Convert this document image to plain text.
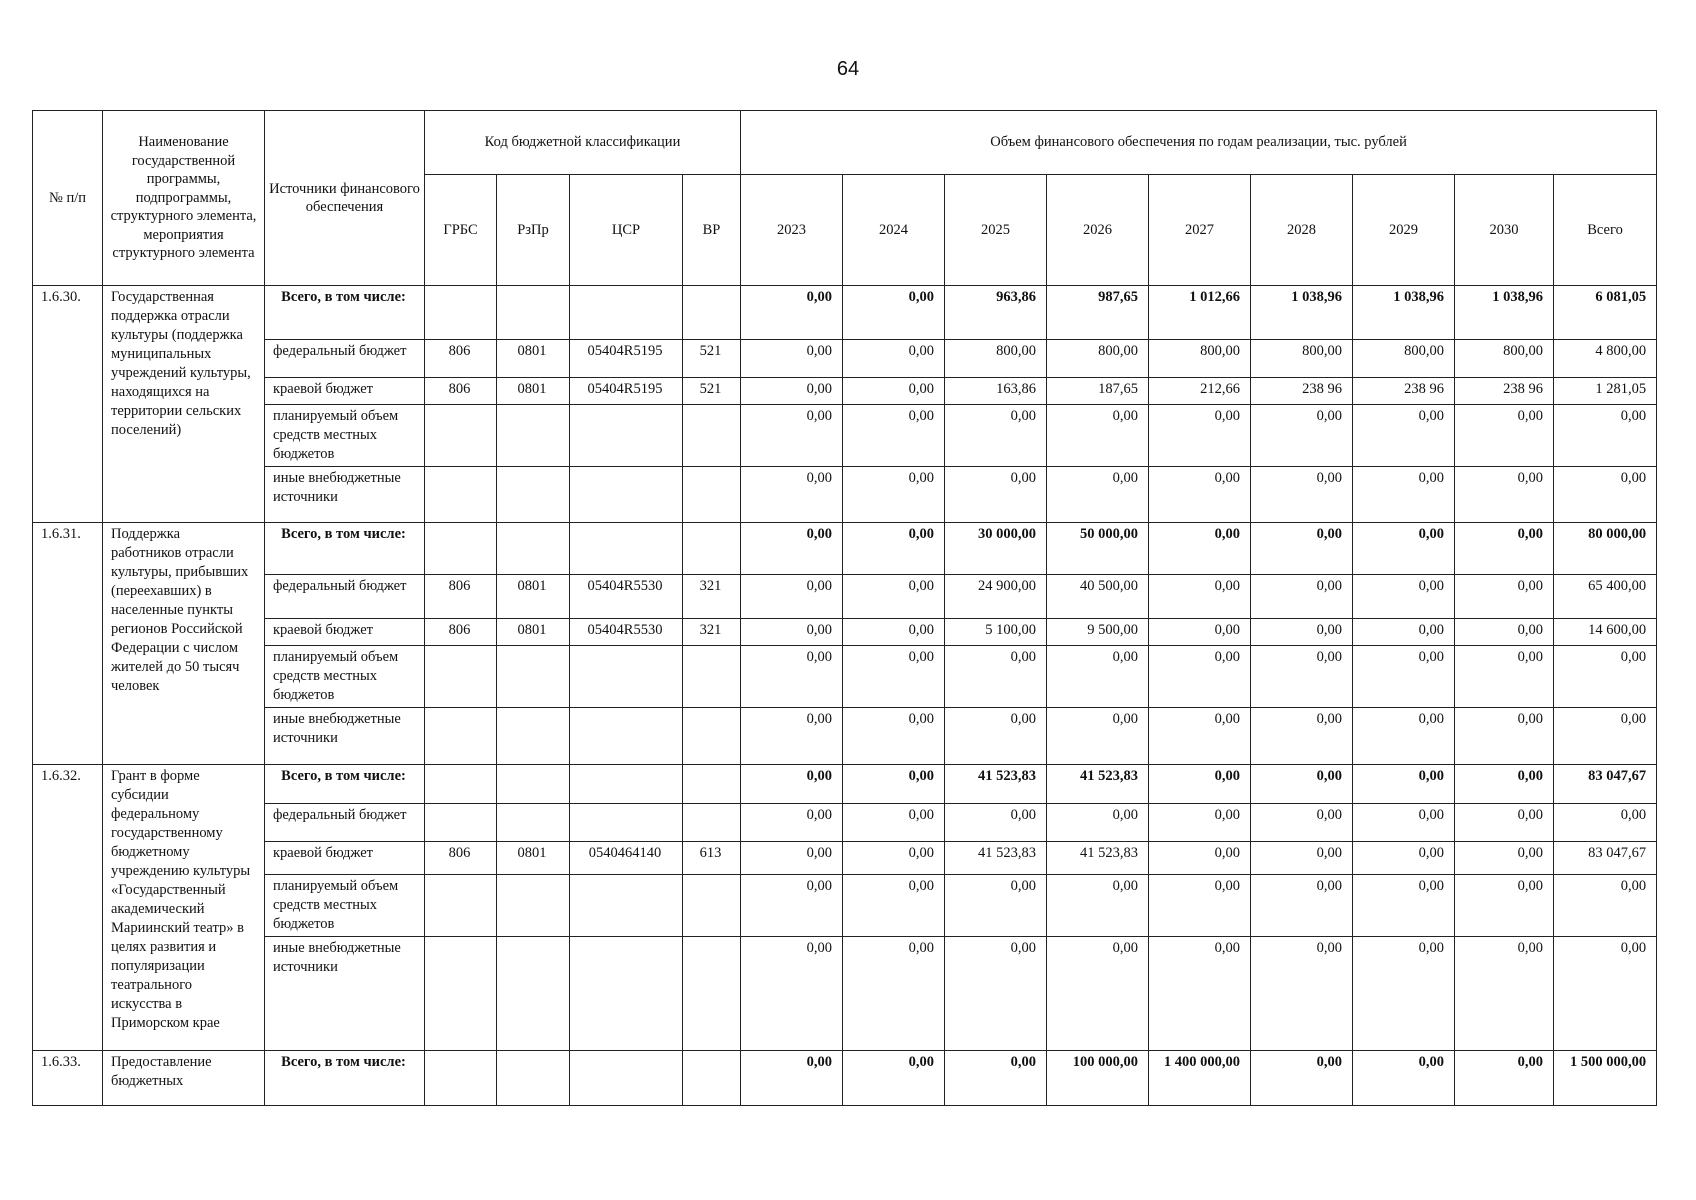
64
№ п/п	Наименование государственной программы, подпрограммы, структурного элемента, мероприятия структурного элемента	Источники финансового обеспечения	Код бюджетной классификации				Объем финансового обеспечения по годам реализации, тыс. рублей								
			ГРБС	РзПр	ЦСР	ВР	2023	2024	2025	2026	2027	2028	2029	2030	Всего
1.6.30.	Государственная поддержка отрасли культуры (поддержка муниципальных учреждений культуры, находящихся на территории сельских поселений)	Всего, в том числе:					0,00	0,00	963,86	987,65	1 012,66	1 038,96	1 038,96	1 038,96	6 081,05
		федеральный бюджет	806	0801	05404R5195	521	0,00	0,00	800,00	800,00	800,00	800,00	800,00	800,00	4 800,00
		краевой бюджет	806	0801	05404R5195	521	0,00	0,00	163,86	187,65	212,66	238 96	238 96	238 96	1 281,05
		планируемый объем средств местных бюджетов					0,00	0,00	0,00	0,00	0,00	0,00	0,00	0,00	0,00
		иные внебюджетные источники					0,00	0,00	0,00	0,00	0,00	0,00	0,00	0,00	0,00
1.6.31.	Поддержка работников отрасли культуры, прибывших (переехавших) в населенные пункты регионов Российской Федерации с числом жителей до 50 тысяч человек	Всего, в том числе:					0,00	0,00	30 000,00	50 000,00	0,00	0,00	0,00	0,00	80 000,00
		федеральный бюджет	806	0801	05404R5530	321	0,00	0,00	24 900,00	40 500,00	0,00	0,00	0,00	0,00	65 400,00
		краевой бюджет	806	0801	05404R5530	321	0,00	0,00	5 100,00	9 500,00	0,00	0,00	0,00	0,00	14 600,00
		планируемый объем средств местных бюджетов					0,00	0,00	0,00	0,00	0,00	0,00	0,00	0,00	0,00
		иные внебюджетные источники					0,00	0,00	0,00	0,00	0,00	0,00	0,00	0,00	0,00
1.6.32.	Грант в форме субсидии федеральному государственному бюджетному учреждению культуры «Государственный академический Мариинский театр» в целях развития и популяризации театрального искусства в Приморском крае	Всего, в том числе:					0,00	0,00	41 523,83	41 523,83	0,00	0,00	0,00	0,00	83 047,67
		федеральный бюджет					0,00	0,00	0,00	0,00	0,00	0,00	0,00	0,00	0,00
		краевой бюджет	806	0801	0540464140	613	0,00	0,00	41 523,83	41 523,83	0,00	0,00	0,00	0,00	83 047,67
		планируемый объем средств местных бюджетов					0,00	0,00	0,00	0,00	0,00	0,00	0,00	0,00	0,00
		иные внебюджетные источники					0,00	0,00	0,00	0,00	0,00	0,00	0,00	0,00	0,00
1.6.33.	Предоставление бюджетных	Всего, в том числе:					0,00	0,00	0,00	100 000,00	1 400 000,00	0,00	0,00	0,00	1 500 000,00
